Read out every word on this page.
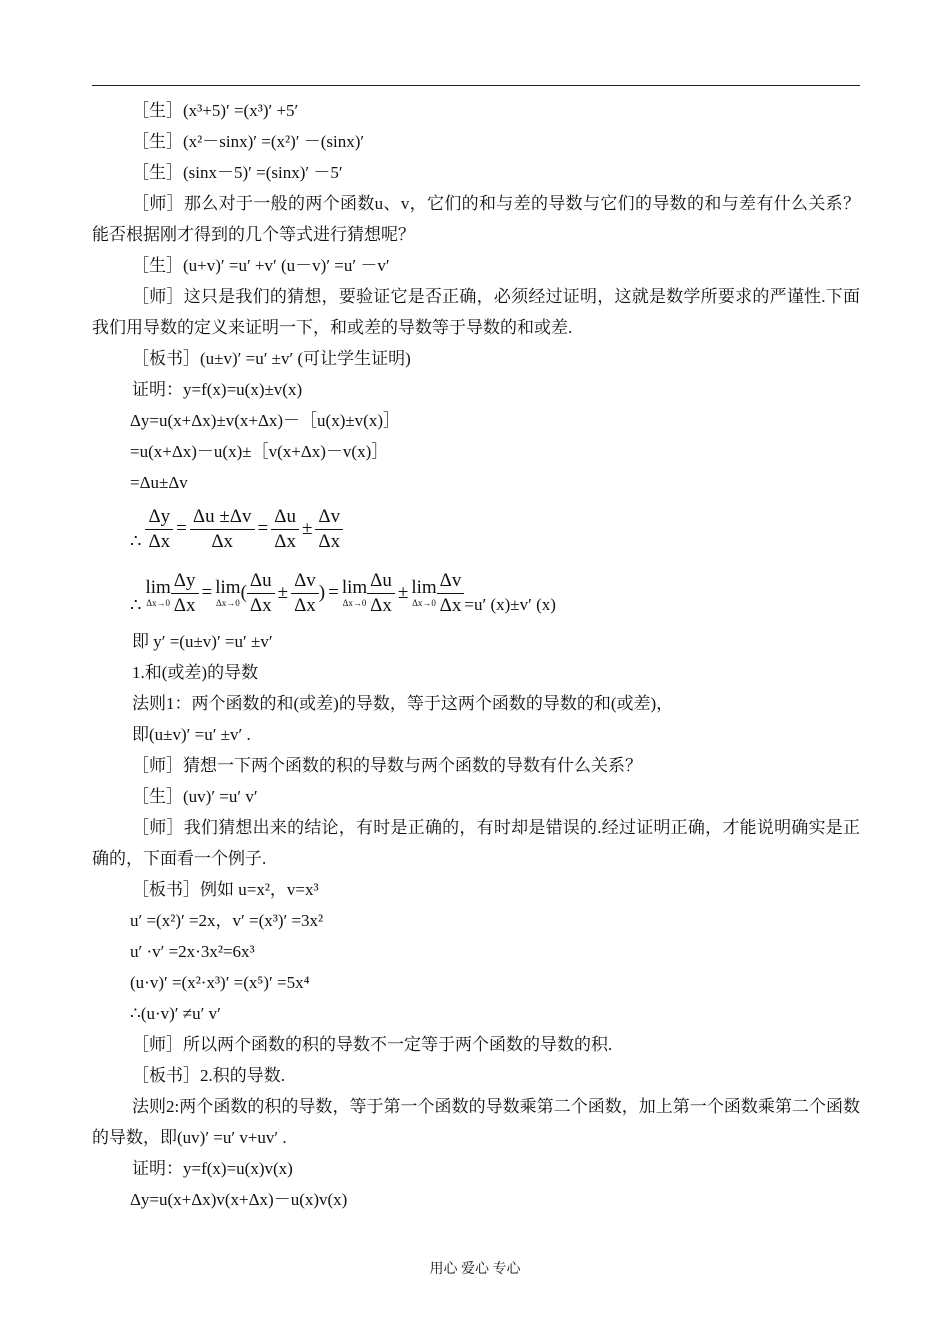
［生］(x³+5)′ =(x³)′ +5′
［生］(x²－sinx)′ =(x²)′ －(sinx)′
［生］(sinx－5)′ =(sinx)′ －5′
［师］那么对于一般的两个函数u、v，它们的和与差的导数与它们的导数的和与差有什么关系？能否根据刚才得到的几个等式进行猜想呢？
［生］(u+v)′ =u′ +v′ (u－v)′ =u′ －v′
［师］这只是我们的猜想，要验证它是否正确，必须经过证明，这就是数学所要求的严谨性.下面我们用导数的定义来证明一下，和或差的导数等于导数的和或差.
［板书］(u±v)′ =u′ ±v′ (可让学生证明)
证明：y=f(x)=u(x)±v(x)
Δy=u(x+Δx)±v(x+Δx)－［u(x)±v(x)］
=u(x+Δx)－u(x)±［v(x+Δx)－v(x)］
=Δu±Δv
∴ $\frac{\Delta y}{\Delta x} = \frac{\Delta u \pm\Delta v}{\Delta x} = \frac{\Delta u}{\Delta x} \pm \frac{\Delta v}{\Delta x}$
∴
lim
$\Delta x\to 0 \frac{\Delta y}{\Delta x} = \lim$
Δx→0 ( $\frac{\Delta u}{\Delta x} \pm \frac{\Delta v}{\Delta x}$ ) = lim
$\Delta x\to 0 \frac{\Delta u}{\Delta x} \pm \lim$
$\Delta x\to 0 \frac{\Delta v}{\Delta x} =u'$ (x)±v′ (x)
即 y′ =(u±v)′ =u′ ±v′
1.和(或差)的导数
法则1：两个函数的和(或差)的导数，等于这两个函数的导数的和(或差)，
即(u±v)′ =u′ ±v′ .
［师］猜想一下两个函数的积的导数与两个函数的导数有什么关系？
［生］(uv)′ =u′ v′
［师］我们猜想出来的结论，有时是正确的，有时却是错误的.经过证明正确，才能说明确实是正确的，下面看一个例子.
［板书］例如 u=x²，v=x³
u′ =(x²)′ =2x，v′ =(x³)′ =3x²
u′ ·v′ =2x·3x²=6x³
(u·v)′ =(x²·x³)′ =(x⁵)′ =5x⁴
∴(u·v)′ ≠u′ v′
［师］所以两个函数的积的导数不一定等于两个函数的导数的积.
［板书］2.积的导数.
法则2:两个函数的积的导数，等于第一个函数的导数乘第二个函数，加上第一个函数乘第二个函数的导数，即(uv)′ =u′ v+uv′ .
证明：y=f(x)=u(x)v(x)
Δy=u(x+Δx)v(x+Δx)－u(x)v(x)
用心 爱心 专心
